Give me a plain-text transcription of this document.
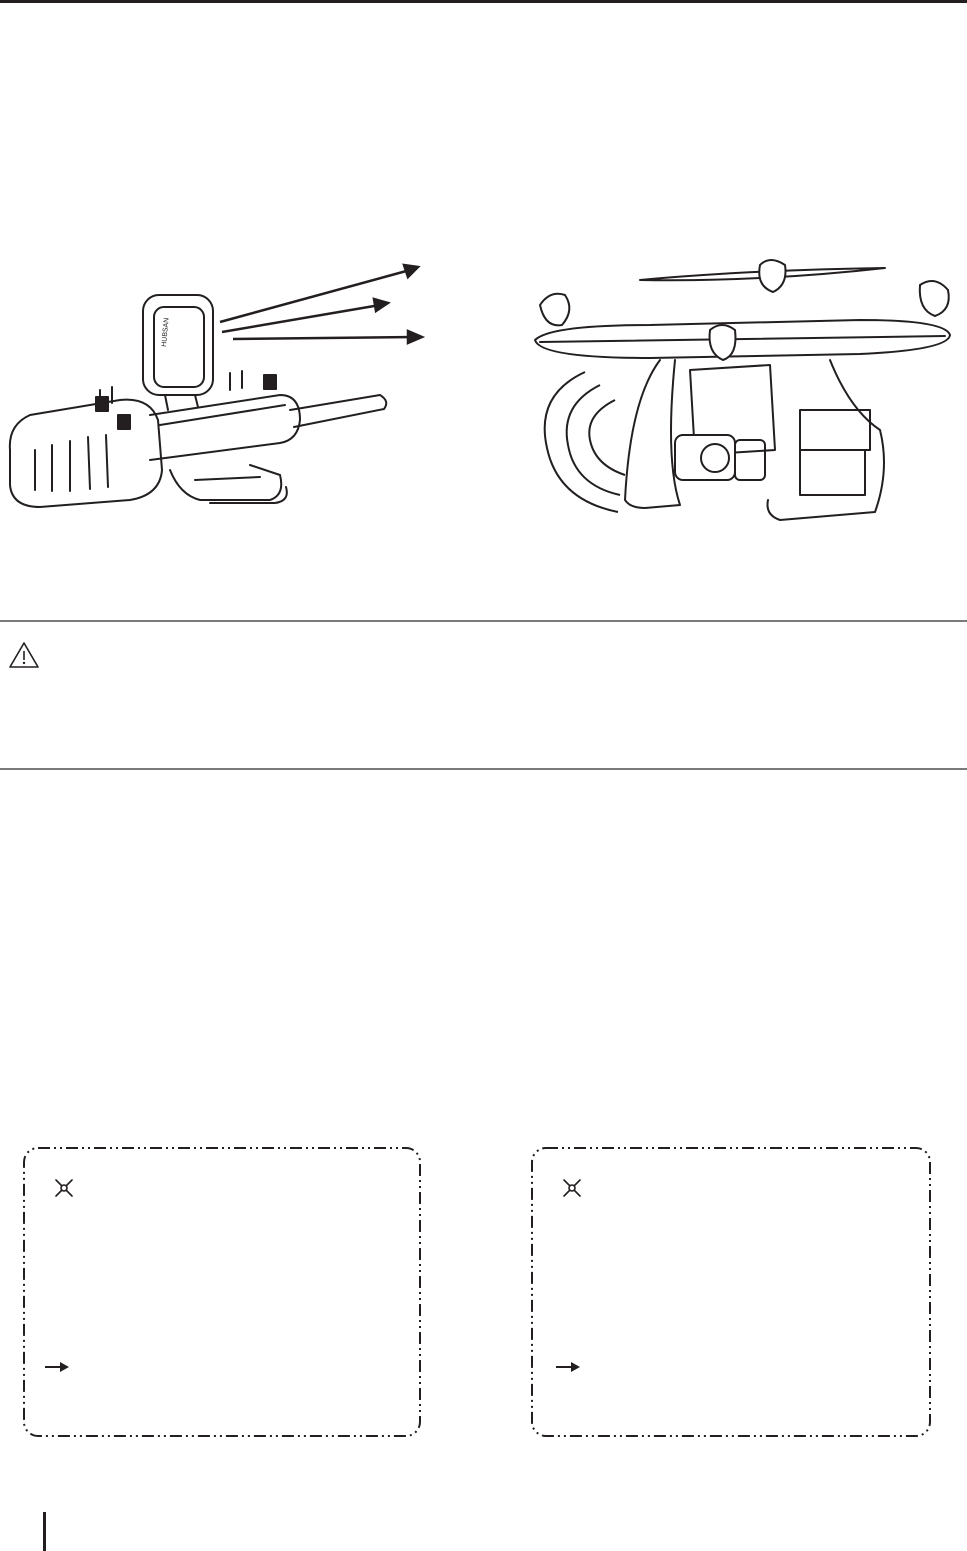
HUBSAN
